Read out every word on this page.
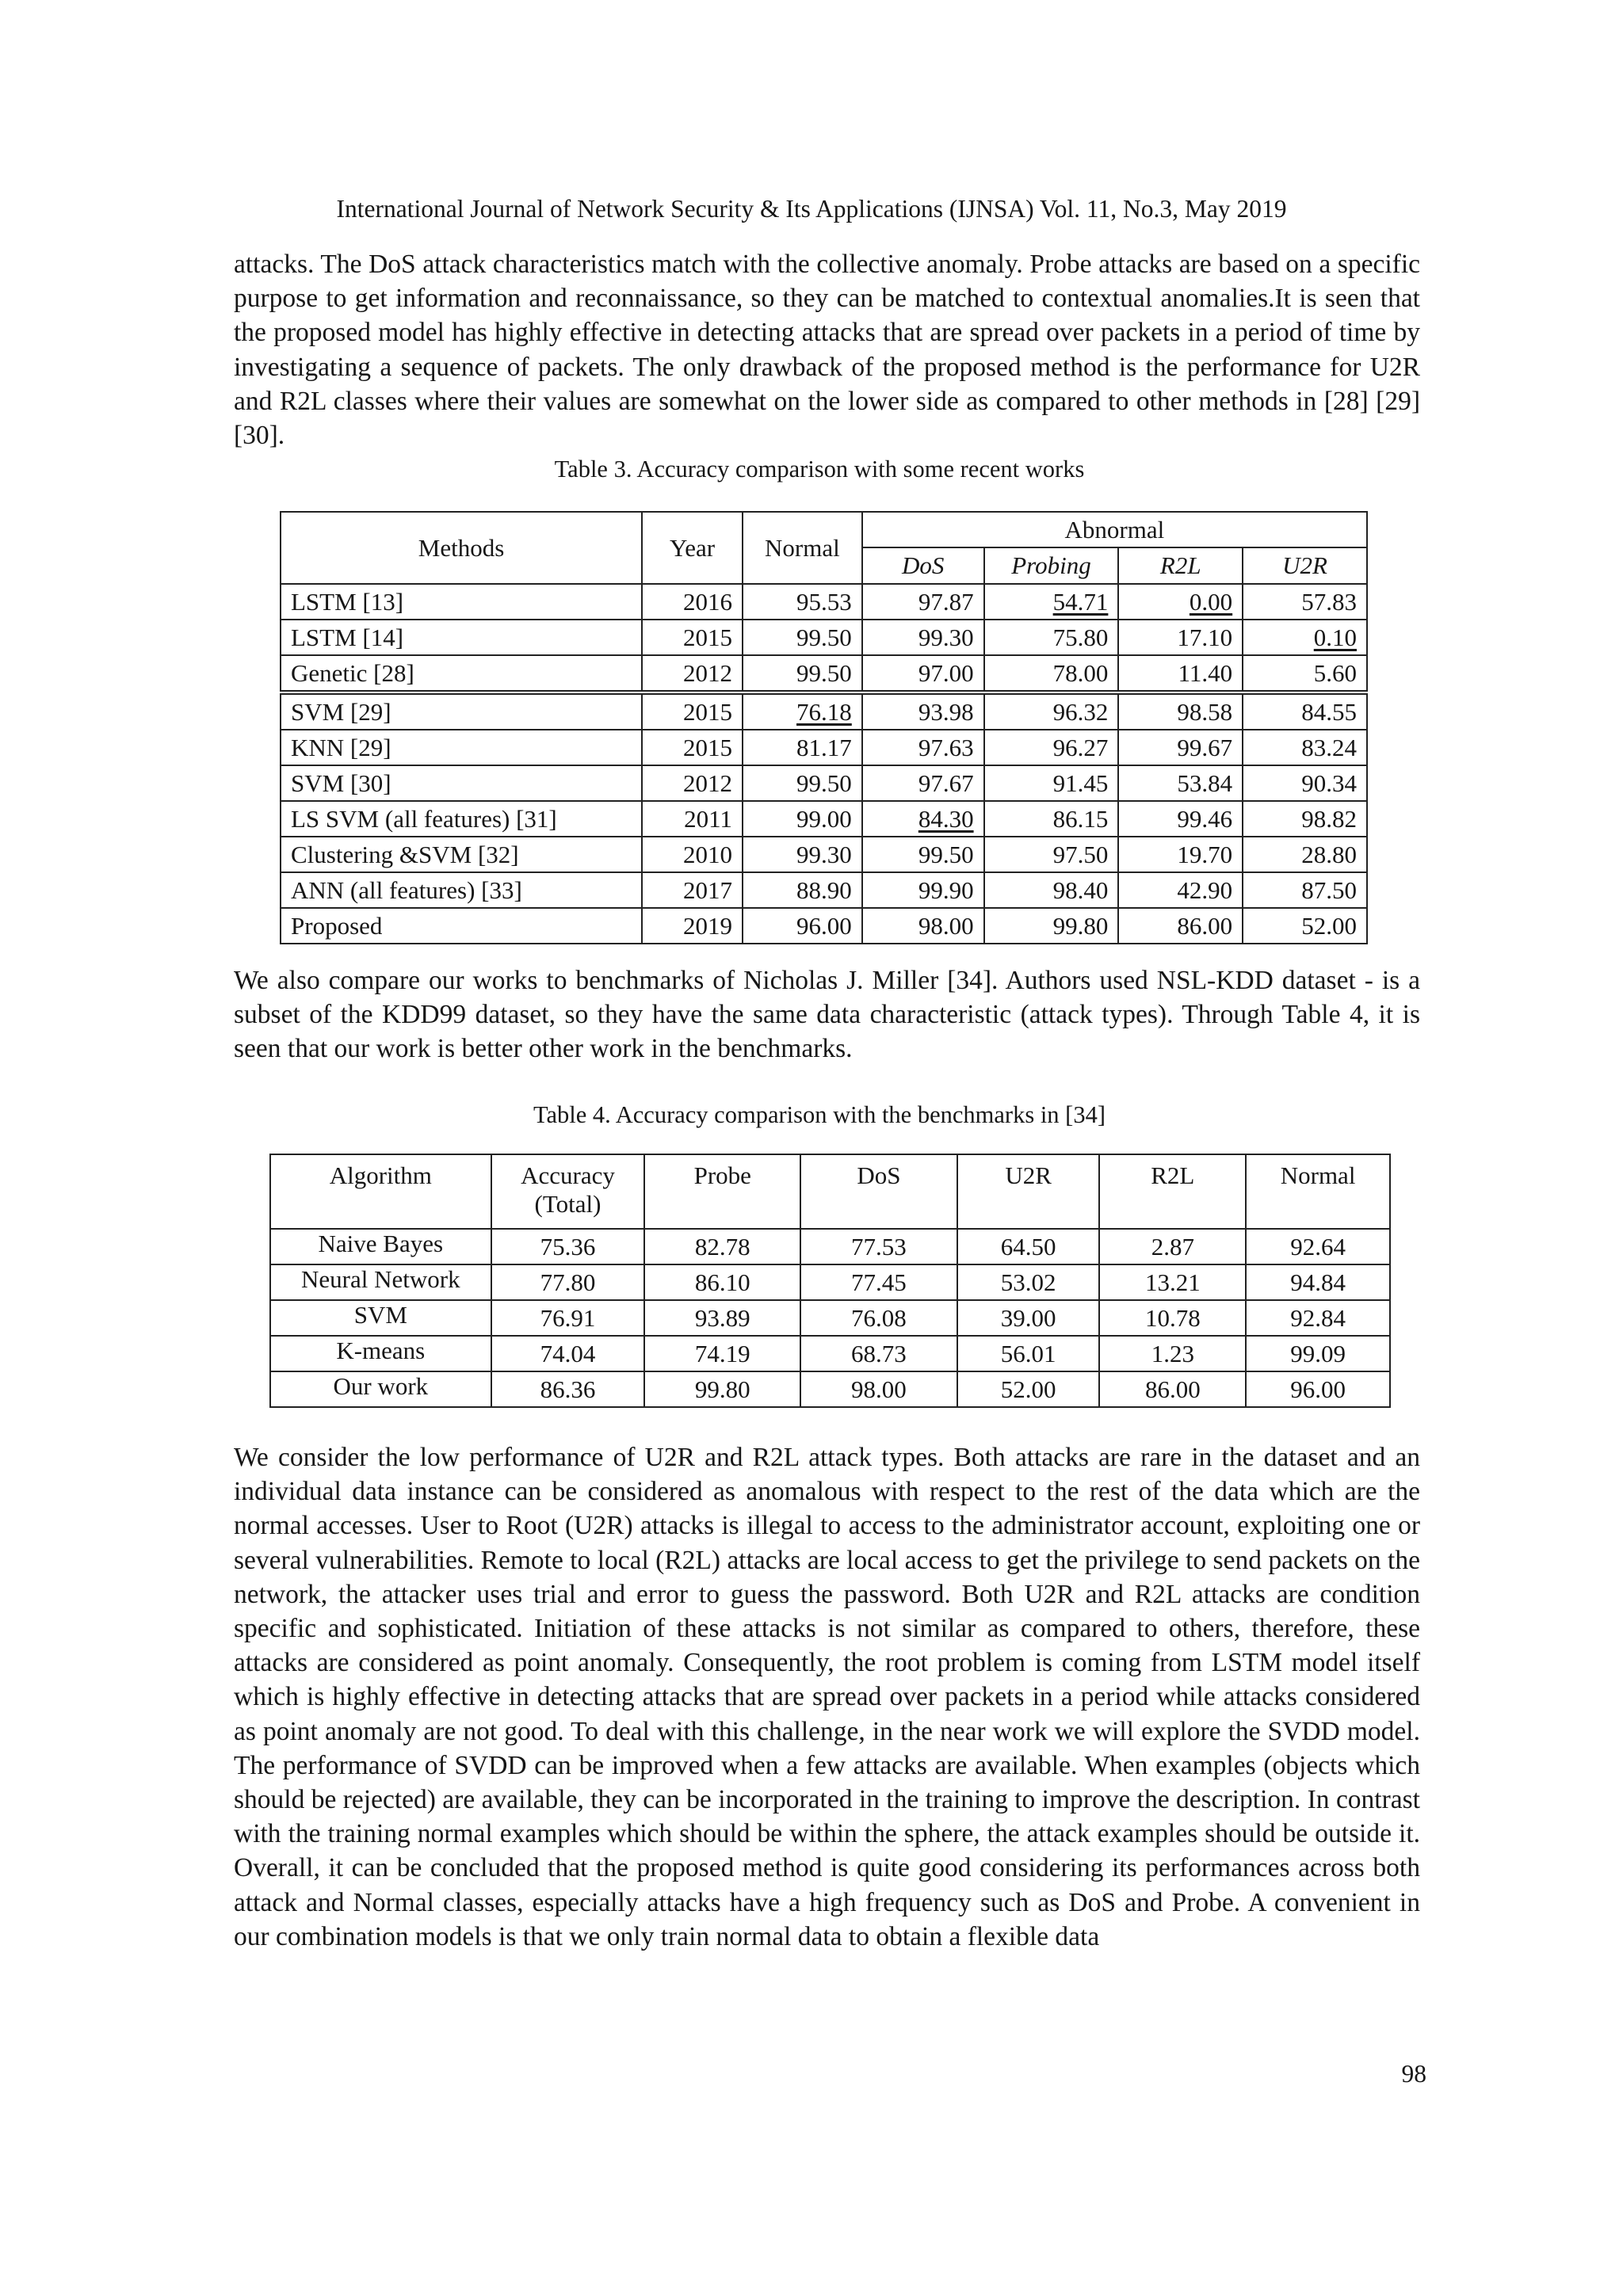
International Journal of Network Security & Its Applications (IJNSA) Vol. 11, No.3, May 2019

attacks. The DoS attack characteristics match with the collective anomaly. Probe attacks are based on a specific purpose to get information and reconnaissance, so they can be matched to contextual anomalies.It is seen that the proposed model has highly effective in detecting attacks that are spread over packets in a period of time by investigating a sequence of packets. The only drawback of the proposed method is the performance for U2R and R2L classes where their values are somewhat on the lower side as compared to other methods in [28] [29] [30].

Table 3. Accuracy comparison with some recent works

Methods	Year	Normal	Abnormal			
			DoS	Probing	R2L	U2R
LSTM [13]	2016	95.53	97.87	54.71	0.00	57.83
LSTM [14]	2015	99.50	99.30	75.80	17.10	0.10
Genetic [28]	2012	99.50	97.00	78.00	11.40	5.60
SVM [29]	2015	76.18	93.98	96.32	98.58	84.55
KNN [29]	2015	81.17	97.63	96.27	99.67	83.24
SVM [30]	2012	99.50	97.67	91.45	53.84	90.34
LS SVM (all features) [31]	2011	99.00	84.30	86.15	99.46	98.82
Clustering &SVM [32]	2010	99.30	99.50	97.50	19.70	28.80
ANN (all features) [33]	2017	88.90	99.90	98.40	42.90	87.50
Proposed	2019	96.00	98.00	99.80	86.00	52.00

We also compare our works to benchmarks of Nicholas J. Miller [34]. Authors used NSL-KDD dataset - is a subset of the KDD99 dataset, so they have the same data characteristic (attack types). Through Table 4, it is seen that our work is better other work in the benchmarks.

Table 4. Accuracy comparison with the benchmarks in [34]

Algorithm	Accuracy
(Total)	Probe	DoS	U2R	R2L	Normal
Naive Bayes	75.36	82.78	77.53	64.50	2.87	92.64
Neural Network	77.80	86.10	77.45	53.02	13.21	94.84
SVM	76.91	93.89	76.08	39.00	10.78	92.84
K-means	74.04	74.19	68.73	56.01	1.23	99.09
Our work	86.36	99.80	98.00	52.00	86.00	96.00

We consider the low performance of U2R and R2L attack types. Both attacks are rare in the dataset and an individual data instance can be considered as anomalous with respect to the rest of the data which are the normal accesses. User to Root (U2R) attacks is illegal to access to the administrator account, exploiting one or several vulnerabilities. Remote to local (R2L) attacks are local access to get the privilege to send packets on the network, the attacker uses trial and error to guess the password. Both U2R and R2L attacks are condition specific and sophisticated. Initiation of these attacks is not similar as compared to others, therefore, these attacks are considered as point anomaly. Consequently, the root problem is coming from LSTM model itself which is highly effective in detecting attacks that are spread over packets in a period while attacks considered as point anomaly are not good. To deal with this challenge, in the near work we will explore the SVDD model. The performance of SVDD can be improved when a few attacks are available. When examples (objects which should be rejected) are available, they can be incorporated in the training to improve the description. In contrast with the training normal examples which should be within the sphere, the attack examples should be outside it. Overall, it can be concluded that the proposed method is quite good considering its performances across both attack and Normal classes, especially attacks have a high frequency such as DoS and Probe. A convenient in our combination models is that we only train normal data to obtain a flexible data

98
